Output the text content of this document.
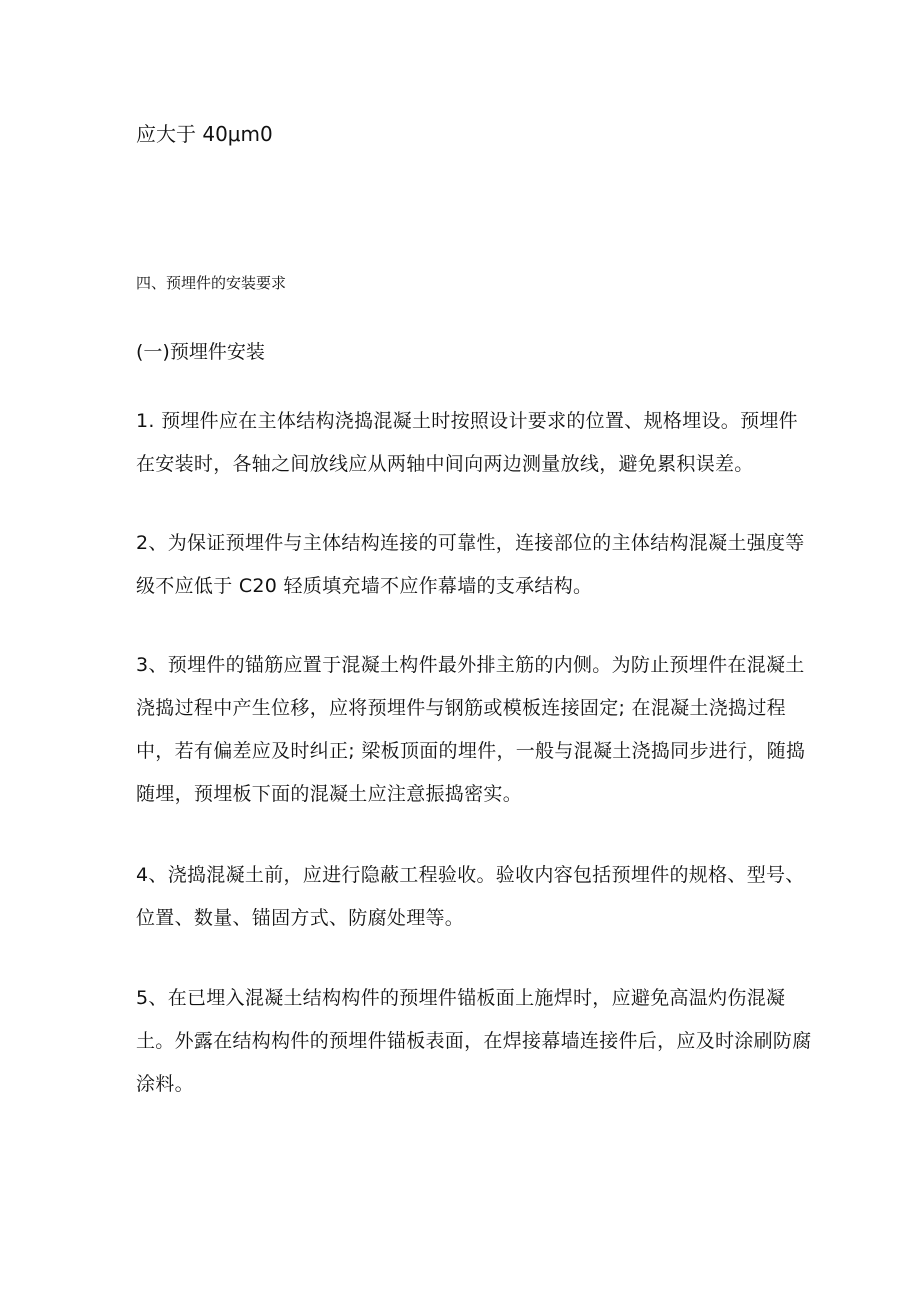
应大于 40μm0

四、预埋件的安装要求

(一)预埋件安装

1. 预埋件应在主体结构浇捣混凝土时按照设计要求的位置、规格埋设。预埋件在安装时，各轴之间放线应从两轴中间向两边测量放线，避免累积误差。

2、为保证预埋件与主体结构连接的可靠性，连接部位的主体结构混凝土强度等级不应低于 C20 轻质填充墙不应作幕墙的支承结构。

3、预埋件的锚筋应置于混凝土构件最外排主筋的内侧。为防止预埋件在混凝土浇捣过程中产生位移，应将预埋件与钢筋或模板连接固定; 在混凝土浇捣过程中，若有偏差应及时纠正; 梁板顶面的埋件，一般与混凝土浇捣同步进行，随捣随埋，预埋板下面的混凝土应注意振捣密实。

4、浇捣混凝土前，应进行隐蔽工程验收。验收内容包括预埋件的规格、型号、位置、数量、锚固方式、防腐处理等。

5、在已埋入混凝土结构构件的预埋件锚板面上施焊时，应避免高温灼伤混凝土。外露在结构构件的预埋件锚板表面，在焊接幕墙连接件后，应及时涂刷防腐涂料。
